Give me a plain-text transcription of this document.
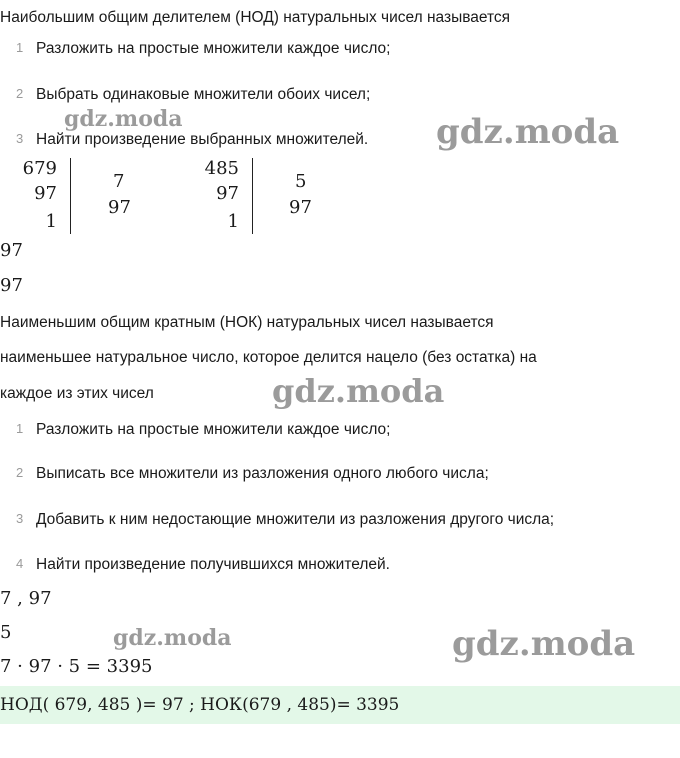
Наибольшим общим делителем (НОД) натуральных чисел называется
1 Разложить на простые множители каждое число;
2 Выбрать одинаковые множители обоих чисел;
3 Найти произведение выбранных множителей.
679
97
1
7
97
485
97
1
5
97
97
97
Наименьшим общим кратным (НОК) натуральных чисел называется
наименьшее натуральное число, которое делится нацело (без остатка) на
каждое из этих чисел
1 Разложить на простые множители каждое число;
2 Выписать все множители из разложения одного любого числа;
3 Добавить к ним недостающие множители из разложения другого числа;
4 Найти произведение получившихся множителей.
7 , 97
5
7 · 97 · 5 = 3395
НОД( 679, 485 )= 97 ; НОК(679 , 485)= 3395
gdz.moda	gdz.moda
gdz.moda
gdz.moda	gdz.moda
